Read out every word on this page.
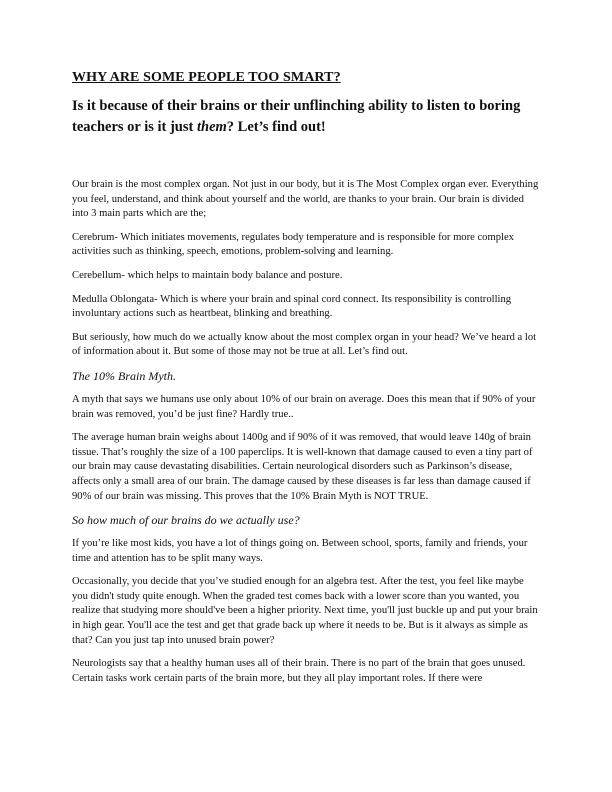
WHY ARE SOME PEOPLE TOO SMART?
Is it because of their brains or their unflinching ability to listen to boring teachers or is it just them? Let’s find out!

Our brain is the most complex organ. Not just in our body, but it is The Most Complex organ ever. Everything you feel, understand, and think about yourself and the world, are thanks to your brain. Our brain is divided into 3 main parts which are the;

Cerebrum- Which initiates movements, regulates body temperature and is responsible for more complex activities such as thinking, speech, emotions, problem-solving and learning.

Cerebellum- which helps to maintain body balance and posture.

Medulla Oblongata- Which is where your brain and spinal cord connect. Its responsibility is controlling involuntary actions such as heartbeat, blinking and breathing.

But seriously, how much do we actually know about the most complex organ in your head? We’ve heard a lot of information about it. But some of those may not be true at all. Let’s find out.

The 10% Brain Myth.

A myth that says we humans use only about 10% of our brain on average. Does this mean that if 90% of your brain was removed, you’d be just fine? Hardly true..

The average human brain weighs about 1400g and if 90% of it was removed, that would leave 140g of brain tissue. That’s roughly the size of a 100 paperclips. It is well-known that damage caused to even a tiny part of our brain may cause devastating disabilities. Certain neurological disorders such as Parkinson’s disease, affects only a small area of our brain. The damage caused by these diseases is far less than damage caused if 90% of our brain was missing. This proves that the 10% Brain Myth is NOT TRUE.

So how much of our brains do we actually use?

If you’re like most kids, you have a lot of things going on. Between school, sports, family and friends, your time and attention has to be split many ways.

Occasionally, you decide that you’ve studied enough for an algebra test. After the test, you feel like maybe you didn't study quite enough. When the graded test comes back with a lower score than you wanted, you realize that studying more should've been a higher priority. Next time, you'll just buckle up and put your brain in high gear. You'll ace the test and get that grade back up where it needs to be. But is it always as simple as that? Can you just tap into unused brain power?

Neurologists say that a healthy human uses all of their brain. There is no part of the brain that goes unused. Certain tasks work certain parts of the brain more, but they all play important roles. If there were
